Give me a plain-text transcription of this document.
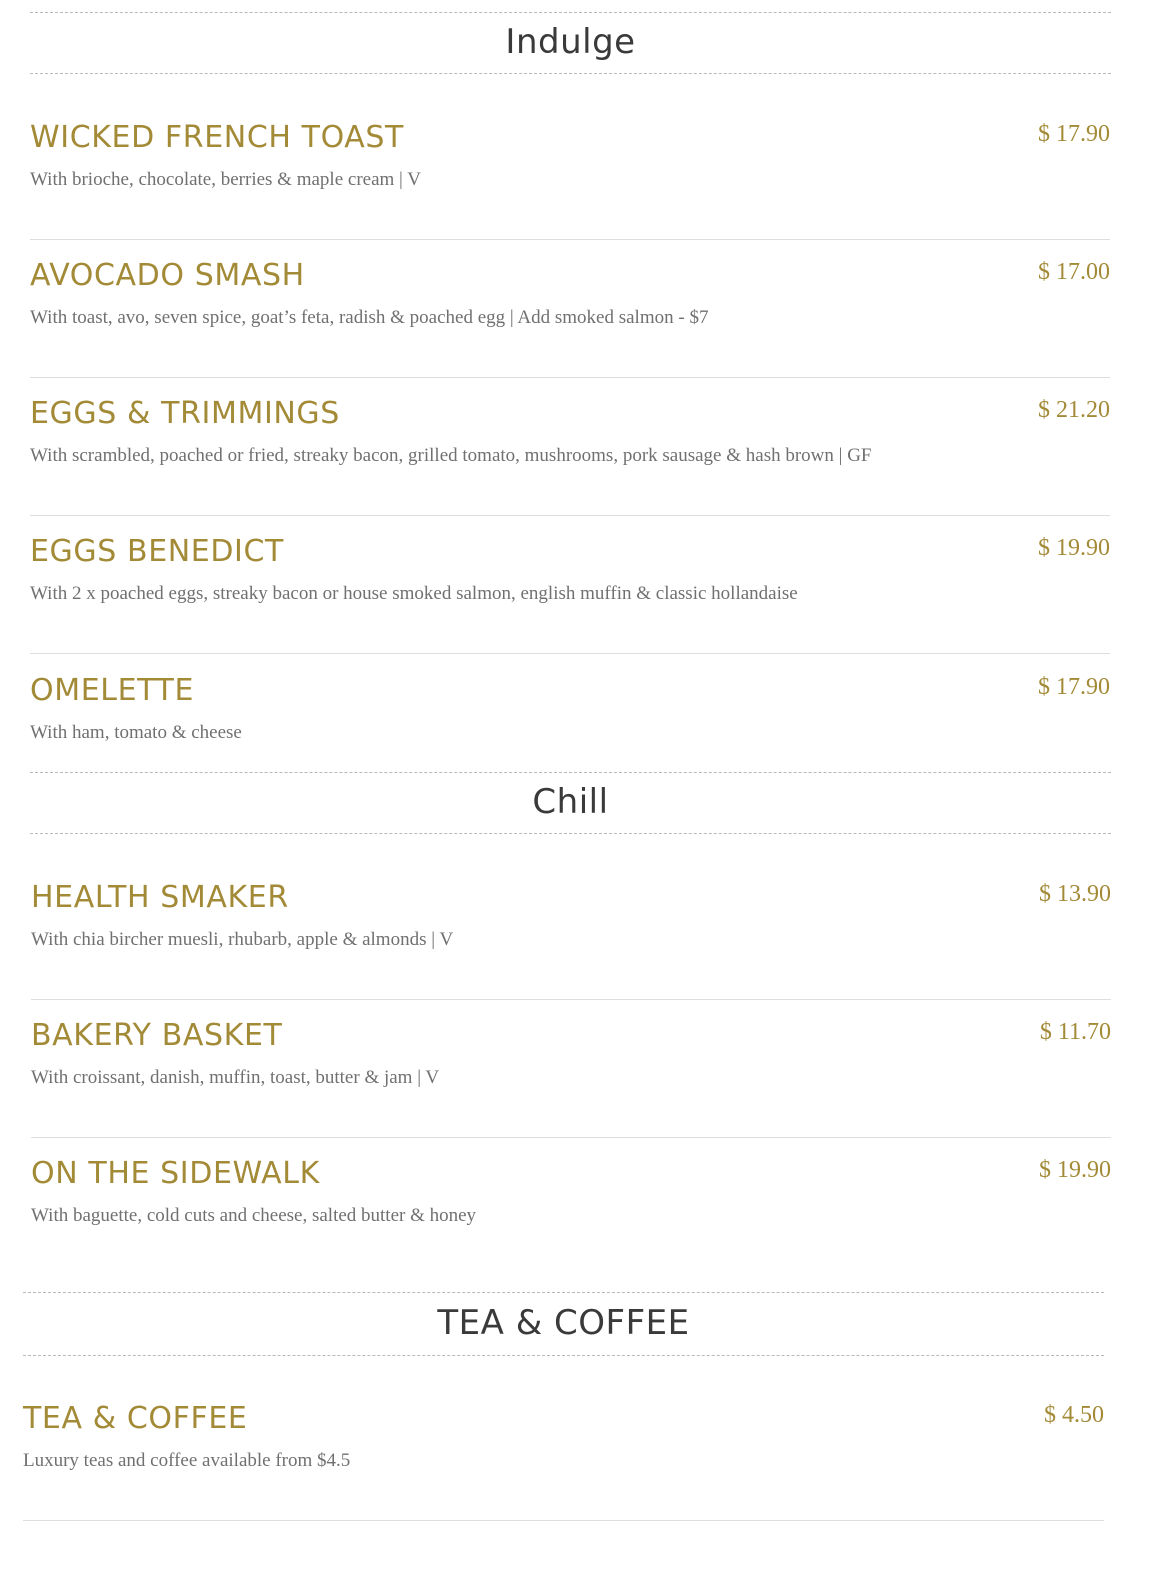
Indulge
WICKED FRENCH TOAST
With brioche, chocolate, berries & maple cream | V
$ 17.90
AVOCADO SMASH
With toast, avo, seven spice, goat’s feta, radish & poached egg | Add smoked salmon - $7
$ 17.00
EGGS & TRIMMINGS
With scrambled, poached or fried, streaky bacon, grilled tomato, mushrooms, pork sausage & hash brown | GF
$ 21.20
EGGS BENEDICT
With 2 x poached eggs, streaky bacon or house smoked salmon, english muffin & classic hollandaise
$ 19.90
OMELETTE
With ham, tomato & cheese
$ 17.90
Chill
HEALTH SMAKER
With chia bircher muesli, rhubarb, apple & almonds | V
$ 13.90
BAKERY BASKET
With croissant, danish, muffin, toast, butter & jam | V
$ 11.70
ON THE SIDEWALK
With baguette, cold cuts and cheese, salted butter & honey
$ 19.90
TEA & COFFEE
TEA & COFFEE
Luxury teas and coffee available from $4.5
$ 4.50
